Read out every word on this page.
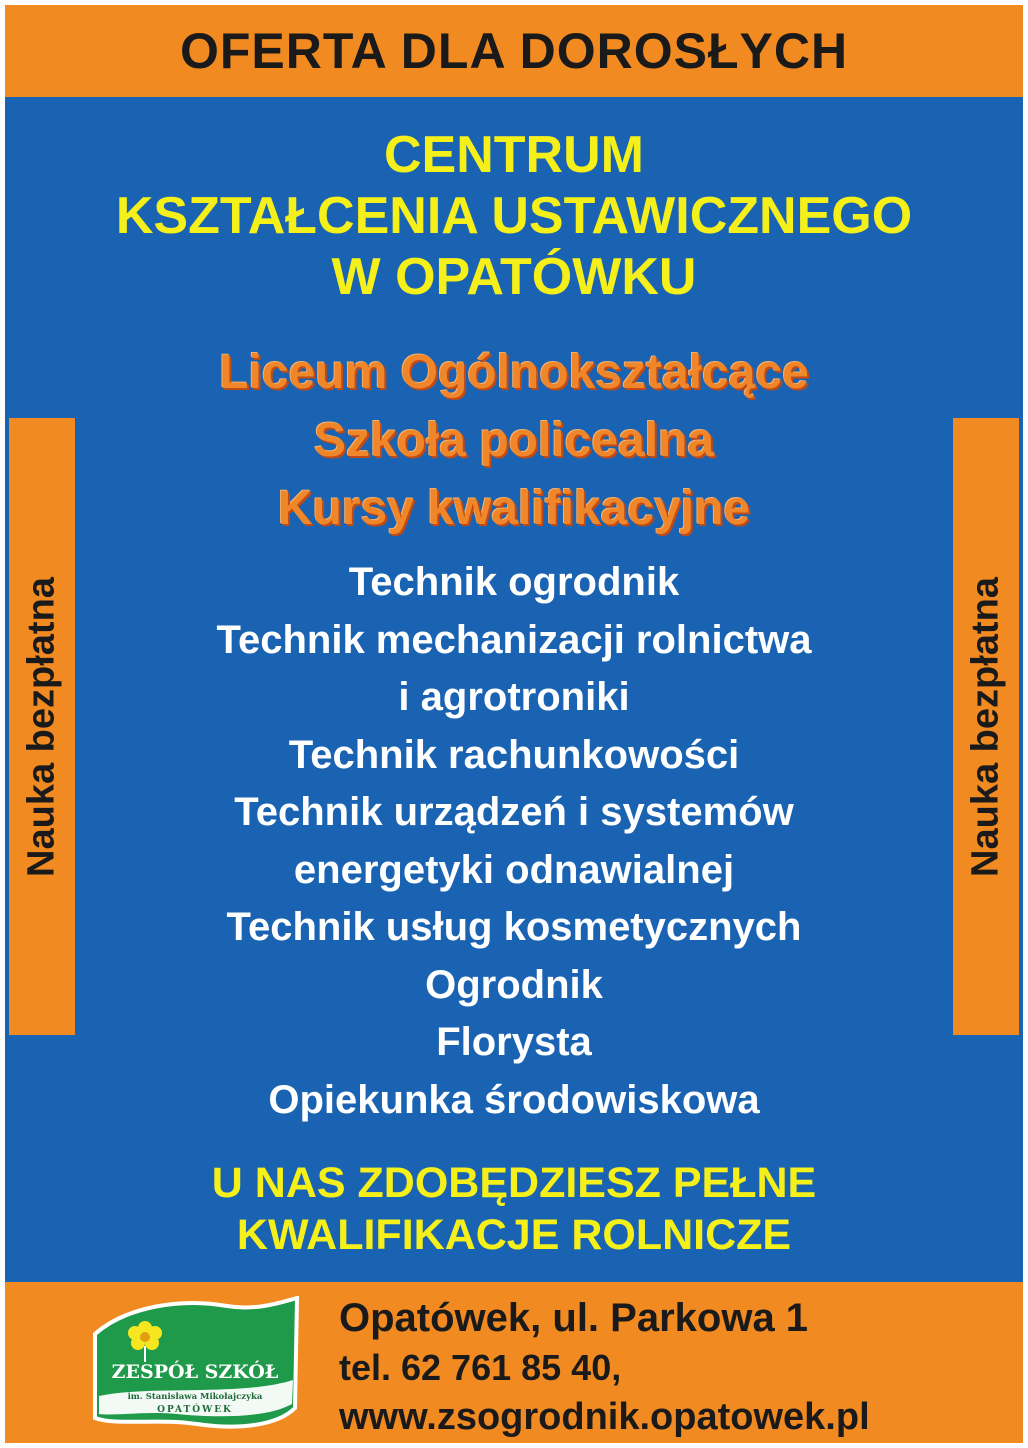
OFERTA DLA DOROSŁYCH
CENTRUM
KSZTAŁCENIA USTAWICZNEGO
W OPATÓWKU
Liceum Ogólnokształcące
Szkoła policealna
Kursy kwalifikacyjne
Nauka bezpłatna	Nauka bezpłatna
Technik ogrodnik
Technik mechanizacji rolnictwa
i agrotroniki
Technik rachunkowości
Technik urządzeń i systemów
energetyki odnawialnej
Technik usług kosmetycznych
Ogrodnik
Florysta
Opiekunka środowiskowa
U NAS ZDOBĘDZIESZ PEŁNE
KWALIFIKACJE ROLNICZE
ZESPÓŁ SZKÓŁ
im. Stanisława Mikołajczyka
OPATÓWEK
Opatówek, ul. Parkowa 1
tel. 62 761 85 40,
www.zsogrodnik.opatowek.pl
